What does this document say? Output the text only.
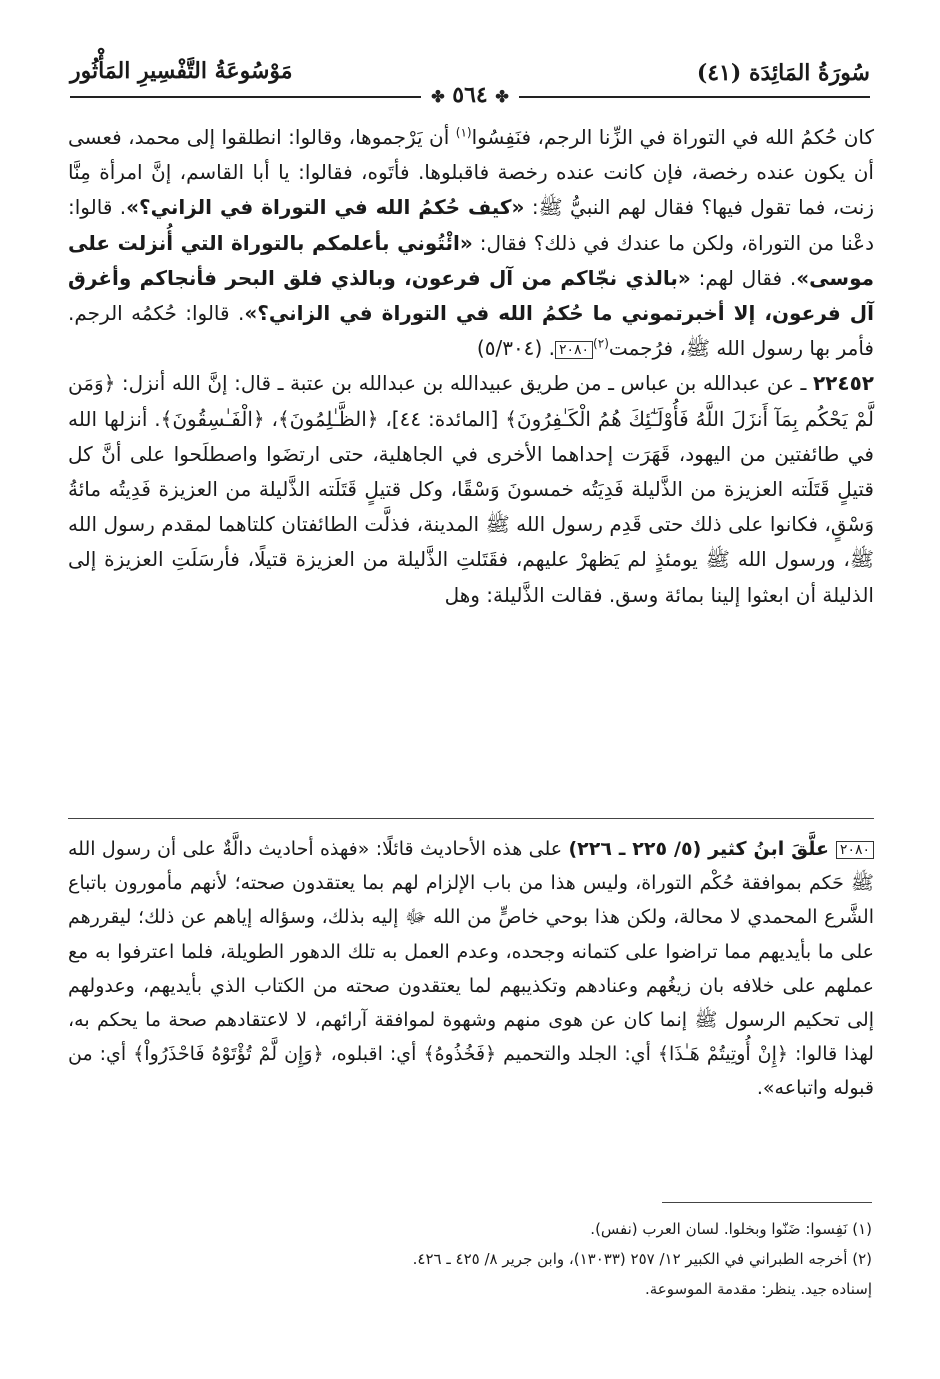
سُورَةُ المَائِدَة (٤١)
مَوْسُوعَةُ التَّفْسِيرِ المَأْثُور
✤ ٥٦٤ ✤

كان حُكمُ الله في التوراة في الزِّنا الرجم، فنَفِسُوا$^{(١)}$ أن يَرْجموها، وقالوا: انطلقوا إلى محمد، فعسى أن يكون عنده رخصة، فإن كانت عنده رخصة فاقبلوها. فأتَوه، فقالوا: يا أبا القاسم، إنَّ امرأة مِنَّا زنت، فما تقول فيها؟ فقال لهم النبيُّ ﷺ: «كيف حُكمُ الله في التوراة في الزاني؟». قالوا: دعْنا من التوراة، ولكن ما عندك في ذلك؟ فقال: «ائْتُوني بأعلمكم بالتوراة التي أُنزلت على موسى». فقال لهم: «بالذي نجّاكم من آل فرعون، وبالذي فلق البحر فأنجاكم وأغرق آل فرعون، إلا أخبرتموني ما حُكمُ الله في التوراة في الزاني؟». قالوا: حُكمُه الرجم. فأمر بها رسول الله ﷺ، فرُجمت$^{(٢)}$٢٠٨٠. (٥/٣٠٤)

٢٢٤٥٢ ـ عن عبدالله بن عباس ـ من طريق عبيدالله بن عبدالله بن عتبة ـ قال: إنَّ الله أنزل: ﴿وَمَن لَّمْ يَحْكُم بِمَآ أَنزَلَ اللَّهُ فَأُوْلَـٰٓئِكَ هُمُ الْكَـٰفِرُونَ﴾ [المائدة: ٤٤]، ﴿الظَّـٰلِمُونَ﴾، ﴿الْفَـٰسِقُونَ﴾. أنزلها الله في طائفتين من اليهود، قَهَرَت إحداهما الأخرى في الجاهلية، حتى ارتضَوا واصطلَحوا على أنَّ كل قتيلٍ قَتَلَته العزيزة من الذَّليلة فَدِيَتُه خمسونَ وَسْقًا، وكل قتيلٍ قَتَلَته الذَّليلة من العزيزة فَدِيتُه مائةُ وَسْقٍ، فكانوا على ذلك حتى قَدِم رسول الله ﷺ المدينة، فذلَّت الطائفتان كلتاهما لمقدم رسول الله ﷺ، ورسول الله ﷺ يومئذٍ لم يَظهرْ عليهم، فقَتَلتِ الذَّليلة من العزيزة قتيلًا، فأرسَلَتِ العزيزة إلى الذليلة أن ابعثوا إلينا بمائة وسق. فقالت الذَّليلة: وهل

٢٠٨٠ علَّقَ ابنُ كثير (٥/ ٢٢٥ ـ ٢٢٦) على هذه الأحاديث قائلًا: «فهذه أحاديث دالَّةٌ على أن رسول الله ﷺ حَكم بموافقة حُكْم التوراة، وليس هذا من باب الإلزام لهم بما يعتقدون صحته؛ لأنهم مأمورون باتباع الشَّرع المحمدي لا محالة، ولكن هذا بوحي خاصٍّ من الله ﷻ إليه بذلك، وسؤاله إياهم عن ذلك؛ ليقررهم على ما بأيديهم مما تراضوا على كتمانه وجحده، وعدم العمل به تلك الدهور الطويلة، فلما اعترفوا به مع عملهم على خلافه بان زيغُهم وعنادهم وتكذيبهم لما يعتقدون صحته من الكتاب الذي بأيديهم، وعدولهم إلى تحكيم الرسول ﷺ إنما كان عن هوى منهم وشهوة لموافقة آرائهم، لا لاعتقادهم صحة ما يحكم به، لهذا قالوا: ﴿إِنْ أُوتِيتُمْ هَـٰذَا﴾ أي: الجلد والتحميم ﴿فَخُذُوهُ﴾ أي: اقبلوه، ﴿وَإِن لَّمْ تُؤْتَوْهُ فَاحْذَرُواْ﴾ أي: من قبوله واتباعه».

(١) نَفِسوا: ضَنّوا وبخلوا. لسان العرب (نفس).
(٢) أخرجه الطبراني في الكبير ١٢/ ٢٥٧ (١٣٠٣٣)، وابن جرير ٨/ ٤٢٥ ـ ٤٢٦.
إسناده جيد. ينظر: مقدمة الموسوعة.
